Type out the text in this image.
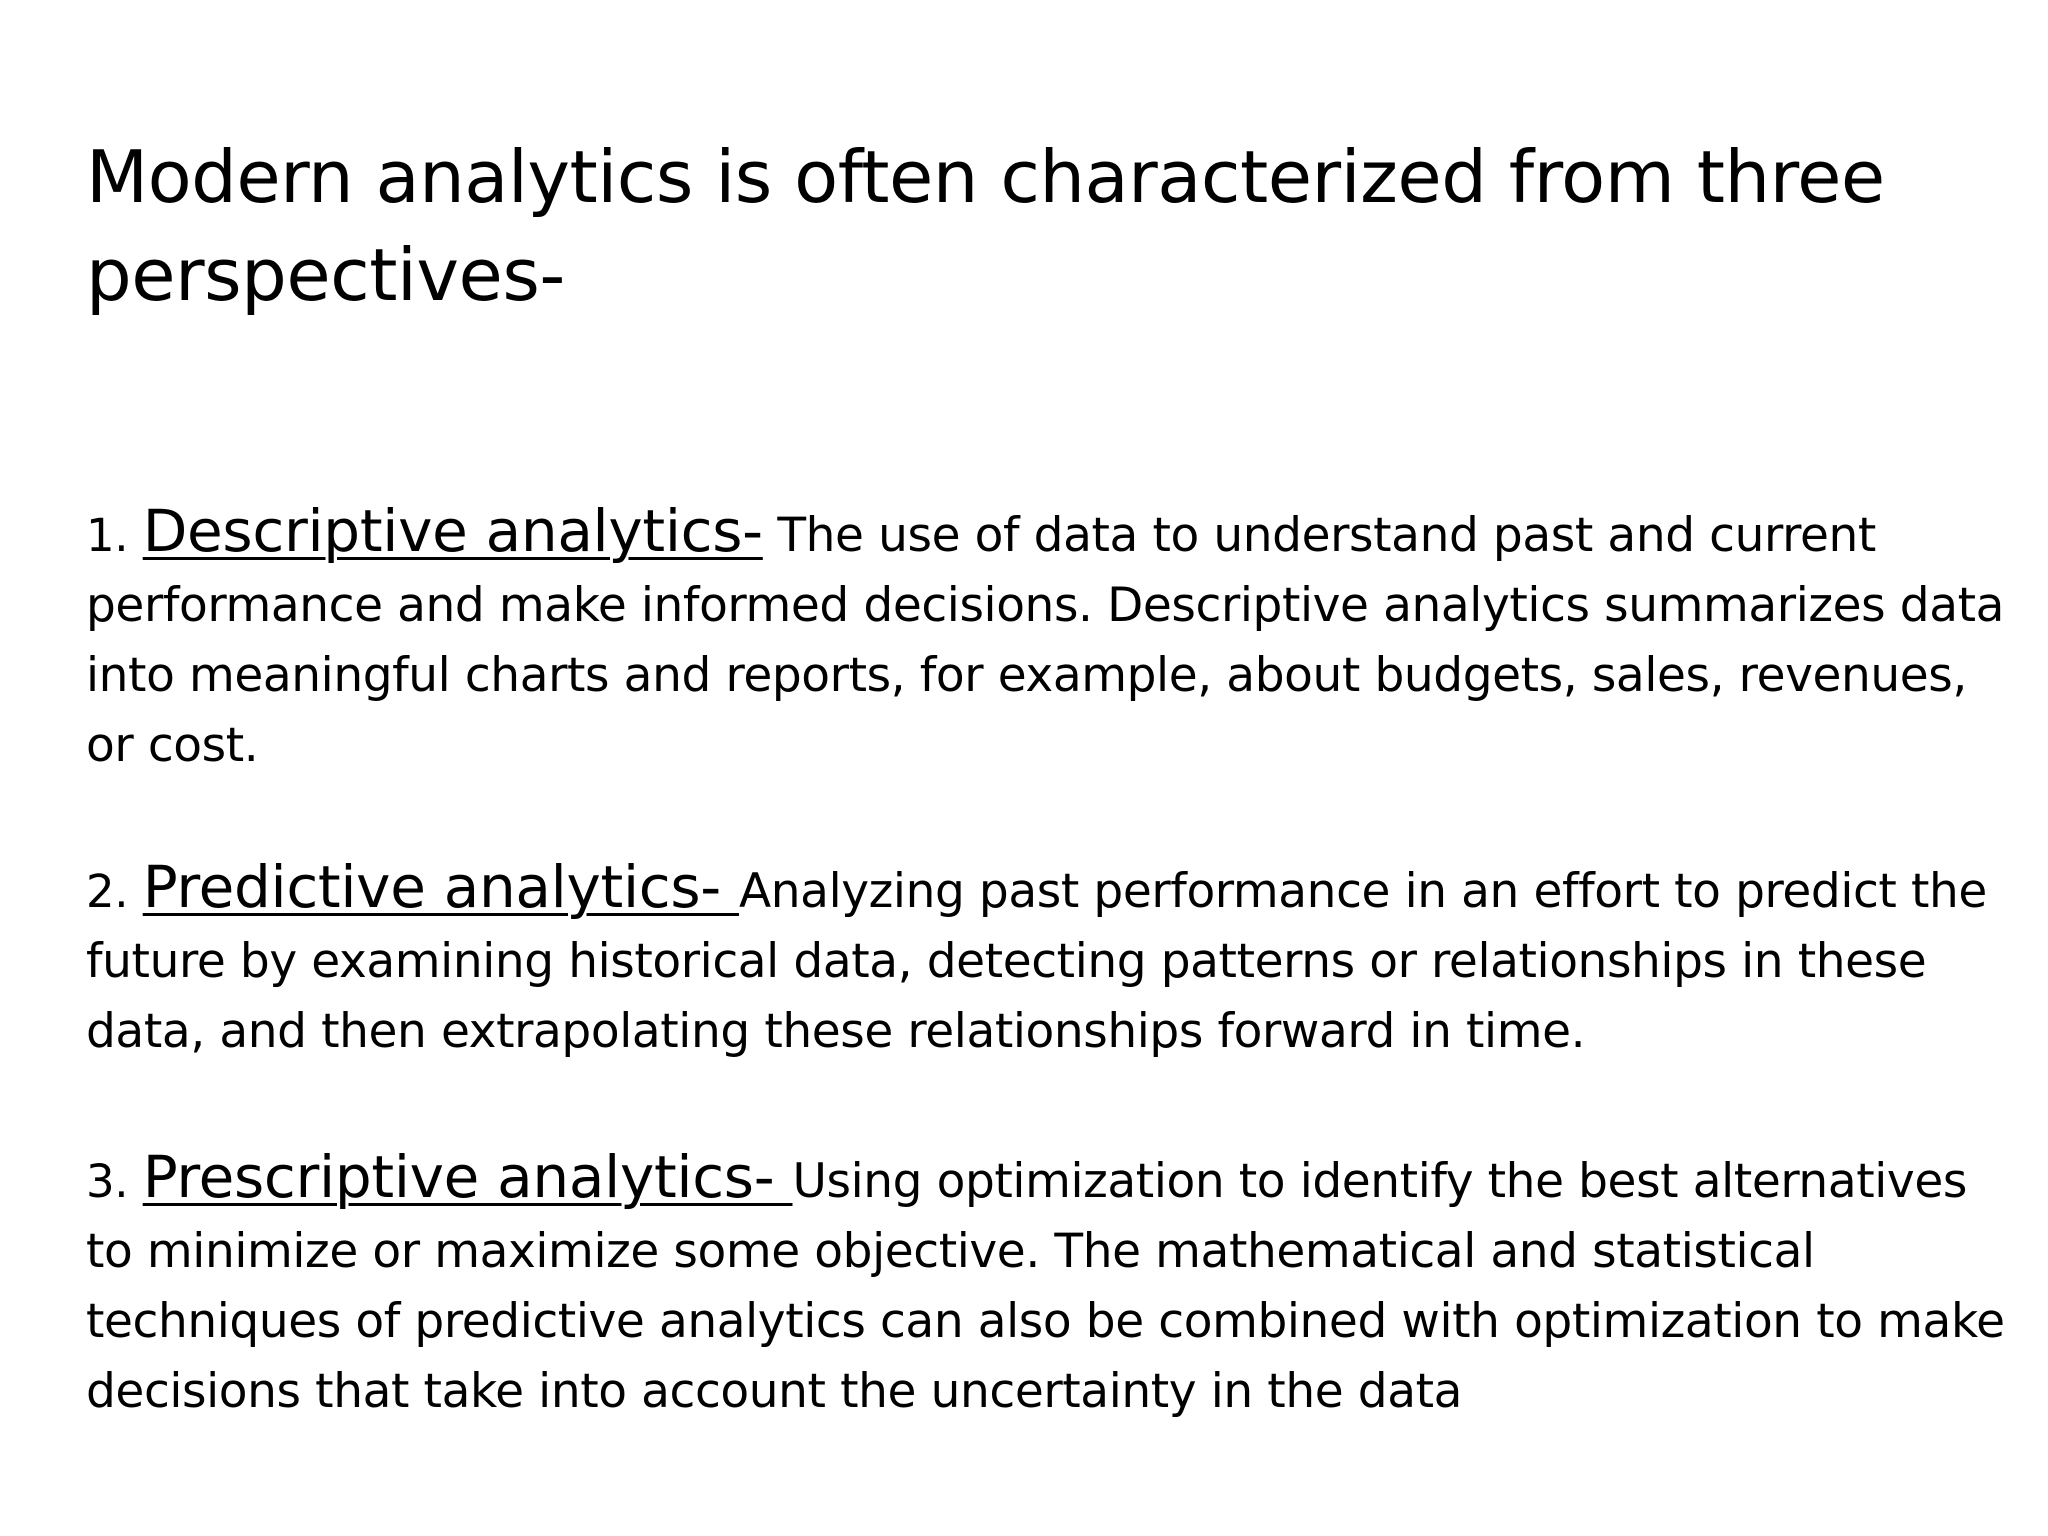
Modern analytics is often characterized from three perspectives-

1. Descriptive analytics- The use of data to understand past and current performance and make informed decisions. Descriptive analytics summarizes data into meaningful charts and reports, for example, about budgets, sales, revenues, or cost.

2. Predictive analytics- Analyzing past performance in an effort to predict the future by examining historical data, detecting patterns or relationships in these data, and then extrapolating these relationships forward in time.

3. Prescriptive analytics- Using optimization to identify the best alternatives to minimize or maximize some objective. The mathematical and statistical techniques of predictive analytics can also be combined with optimization to make decisions that take into account the uncertainty in the data
